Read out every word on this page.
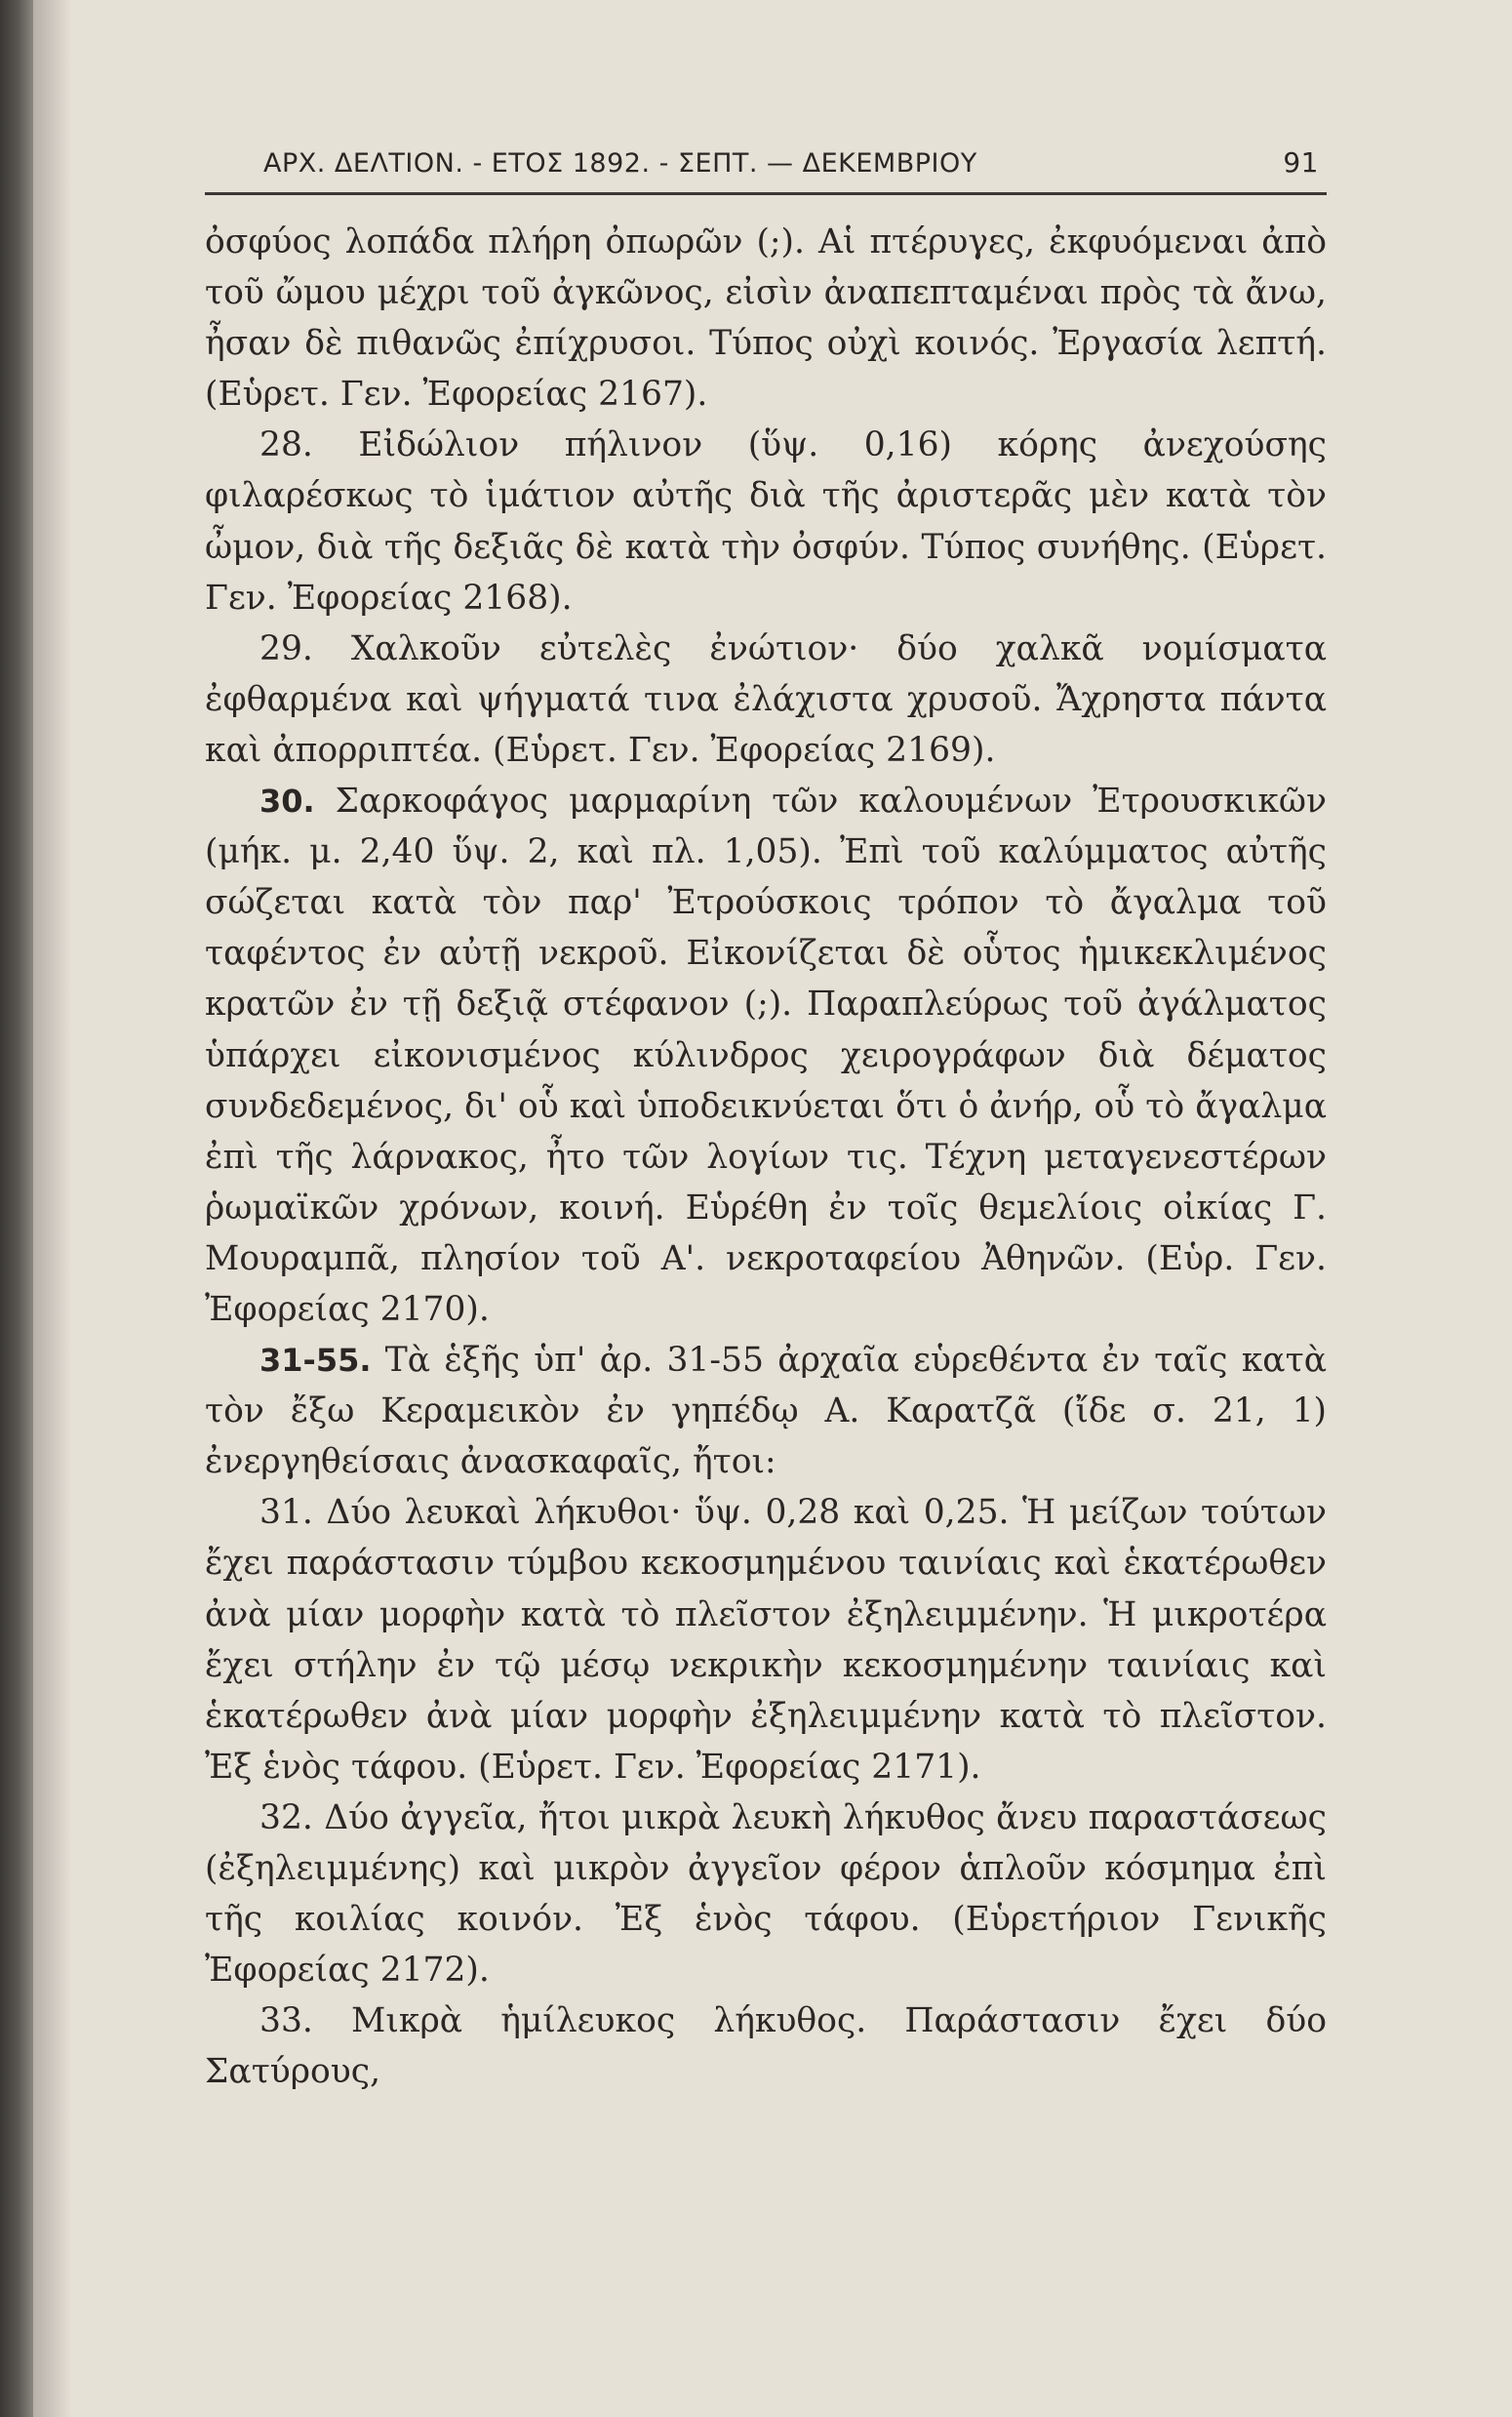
ΑΡΧ. ΔΕΛΤΙΟΝ. - ΕΤΟΣ 1892. - ΣΕΠΤ. — ΔΕΚΕΜΒΡΙΟΥ	91

ὀσφύος λοπάδα πλήρη ὀπωρῶν (;). Αἱ πτέρυγες, ἐκφυόμεναι ἀπὸ τοῦ ὤμου μέχρι τοῦ ἀγκῶνος, εἰσὶν ἀναπεπταμέναι πρὸς τὰ ἄνω, ἦσαν δὲ πιθανῶς ἐπίχρυσοι. Τύπος οὐχὶ κοινός. Ἐργασία λεπτή. (Εὑρετ. Γεν. Ἐφορείας 2167).

28. Εἰδώλιον πήλινον (ὕψ. 0,16) κόρης ἀνεχούσης φιλαρέσκως τὸ ἱμάτιον αὐτῆς διὰ τῆς ἀριστερᾶς μὲν κατὰ τὸν ὦμον, διὰ τῆς δεξιᾶς δὲ κατὰ τὴν ὀσφύν. Τύπος συνήθης. (Εὑρετ. Γεν. Ἐφορείας 2168).

29. Χαλκοῦν εὐτελὲς ἐνώτιον· δύο χαλκᾶ νομίσματα ἐφθαρμένα καὶ ψήγματά τινα ἐλάχιστα χρυσοῦ. Ἄχρηστα πάντα καὶ ἀπορριπτέα. (Εὑρετ. Γεν. Ἐφορείας 2169).

30. Σαρκοφάγος μαρμαρίνη τῶν καλουμένων Ἐτρουσκικῶν (μήκ. μ. 2,40 ὕψ. 2, καὶ πλ. 1,05). Ἐπὶ τοῦ καλύμματος αὐτῆς σώζεται κατὰ τὸν παρ' Ἐτρούσκοις τρόπον τὸ ἄγαλμα τοῦ ταφέντος ἐν αὐτῇ νεκροῦ. Εἰκονίζεται δὲ οὗτος ἡμικεκλιμένος κρατῶν ἐν τῇ δεξιᾷ στέφανον (;). Παραπλεύρως τοῦ ἀγάλματος ὑπάρχει εἰκονισμένος κύλινδρος χειρογράφων διὰ δέματος συνδεδεμένος, δι' οὗ καὶ ὑποδεικνύεται ὅτι ὁ ἀνήρ, οὗ τὸ ἄγαλμα ἐπὶ τῆς λάρνακος, ἦτο τῶν λογίων τις. Τέχνη μεταγενεστέρων ῥωμαϊκῶν χρόνων, κοινή. Εὑρέθη ἐν τοῖς θεμελίοις οἰκίας Γ. Μουραμπᾶ, πλησίον τοῦ Α'. νεκροταφείου Ἀθηνῶν. (Εὑρ. Γεν. Ἐφορείας 2170).

31-55. Τὰ ἑξῆς ὑπ' ἀρ. 31-55 ἀρχαῖα εὑρεθέντα ἐν ταῖς κατὰ τὸν ἔξω Κεραμεικὸν ἐν γηπέδῳ Α. Καρατζᾶ (ἴδε σ. 21, 1) ἐνεργηθείσαις ἀνασκαφαῖς, ἤτοι:

31. Δύο λευκαὶ λήκυθοι· ὕψ. 0,28 καὶ 0,25. Ἡ μείζων τούτων ἔχει παράστασιν τύμβου κεκοσμημένου ταινίαις καὶ ἑκατέρωθεν ἀνὰ μίαν μορφὴν κατὰ τὸ πλεῖστον ἐξηλειμμένην. Ἡ μικροτέρα ἔχει στήλην ἐν τῷ μέσῳ νεκρικὴν κεκοσμημένην ταινίαις καὶ ἑκατέρωθεν ἀνὰ μίαν μορφὴν ἐξηλειμμένην κατὰ τὸ πλεῖστον. Ἐξ ἑνὸς τάφου. (Εὑρετ. Γεν. Ἐφορείας 2171).

32. Δύο ἀγγεῖα, ἤτοι μικρὰ λευκὴ λήκυθος ἄνευ παραστάσεως (ἐξηλειμμένης) καὶ μικρὸν ἀγγεῖον φέρον ἁπλοῦν κόσμημα ἐπὶ τῆς κοιλίας κοινόν. Ἐξ ἑνὸς τάφου. (Εὑρετήριον Γενικῆς Ἐφορείας 2172).

33. Μικρὰ ἡμίλευκος λήκυθος. Παράστασιν ἔχει δύο Σατύρους,
